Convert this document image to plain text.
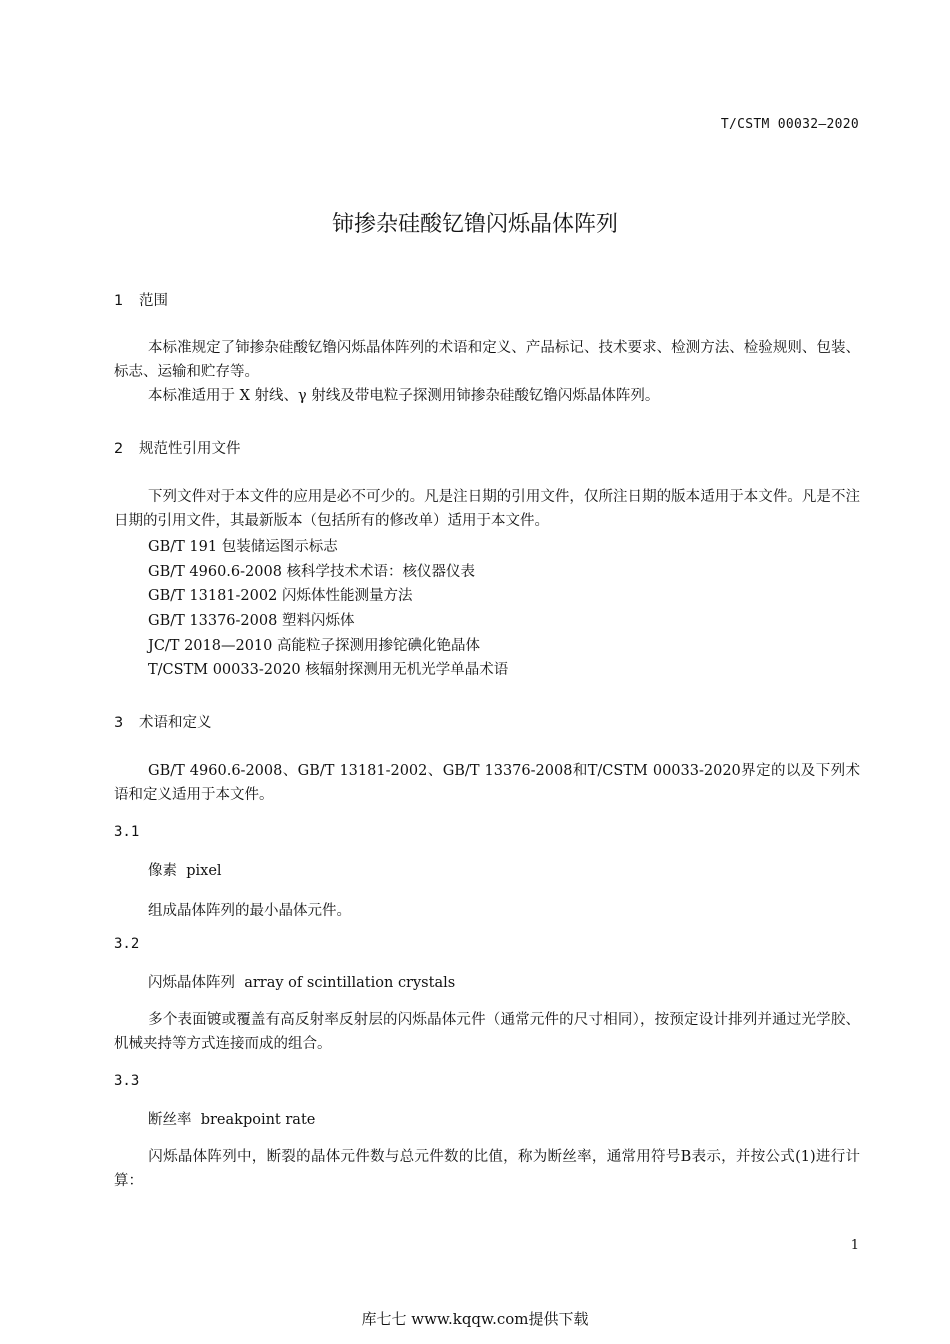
T/CSTM 00032—2020
铈掺杂硅酸钇镥闪烁晶体阵列
1 范围
本标准规定了铈掺杂硅酸钇镥闪烁晶体阵列的术语和定义、产品标记、技术要求、检测方法、检验规则、包装、标志、运输和贮存等。
本标准适用于 X 射线、γ 射线及带电粒子探测用铈掺杂硅酸钇镥闪烁晶体阵列。
2 规范性引用文件
下列文件对于本文件的应用是必不可少的。凡是注日期的引用文件，仅所注日期的版本适用于本文件。凡是不注日期的引用文件，其最新版本（包括所有的修改单）适用于本文件。
GB/T 191 包装储运图示标志
GB/T 4960.6-2008 核科学技术术语：核仪器仪表
GB/T 13181-2002 闪烁体性能测量方法
GB/T 13376-2008 塑料闪烁体
JC/T 2018—2010 高能粒子探测用掺铊碘化铯晶体
T/CSTM 00033-2020 核辐射探测用无机光学单晶术语
3 术语和定义
GB/T 4960.6-2008、GB/T 13181-2002、GB/T 13376-2008和T/CSTM 00033-2020界定的以及下列术语和定义适用于本文件。
3.1
像素 pixel
组成晶体阵列的最小晶体元件。
3.2
闪烁晶体阵列 array of scintillation crystals
多个表面镀或覆盖有高反射率反射层的闪烁晶体元件（通常元件的尺寸相同），按预定设计排列并通过光学胶、机械夹持等方式连接而成的组合。
3.3
断丝率 breakpoint rate
闪烁晶体阵列中，断裂的晶体元件数与总元件数的比值，称为断丝率，通常用符号B表示，并按公式(1)进行计算：
1
库七七 www.kqqw.com提供下载
